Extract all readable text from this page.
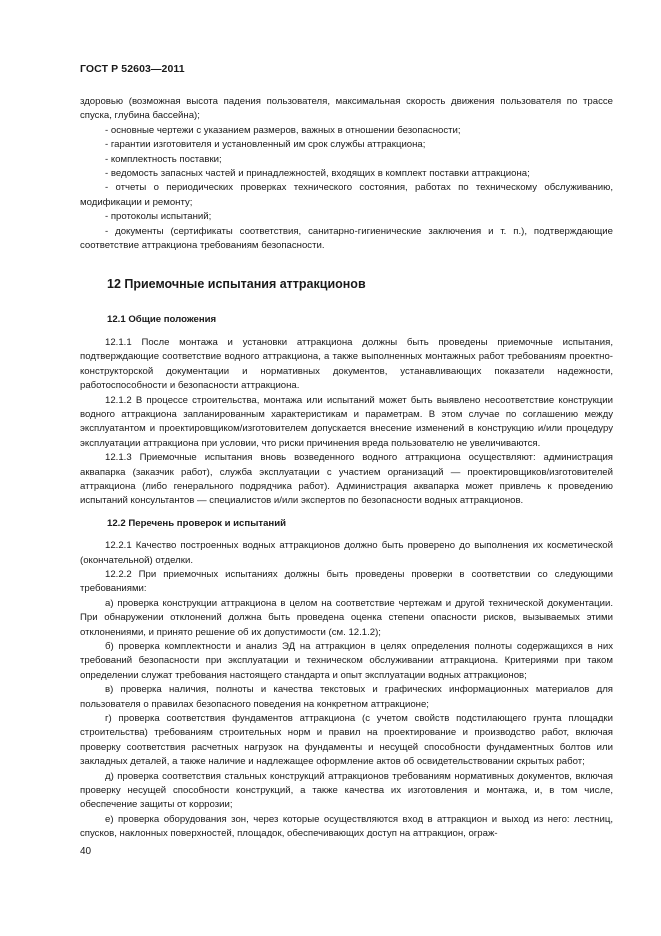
ГОСТ Р 52603—2011

здоровью (возможная высота падения пользователя, максимальная скорость движения пользователя по трассе спуска, глубина бассейна);

- основные чертежи с указанием размеров, важных в отношении безопасности;

- гарантии изготовителя и установленный им срок службы аттракциона;

- комплектность поставки;

- ведомость запасных частей и принадлежностей, входящих в комплект поставки аттракциона;

- отчеты о периодических проверках технического состояния, работах по техническому обслуживанию, модификации и ремонту;

- протоколы испытаний;

- документы (сертификаты соответствия, санитарно-гигиенические заключения и т. п.), подтверждающие соответствие аттракциона требованиям безопасности.

12 Приемочные испытания аттракционов

12.1 Общие положения

12.1.1 После монтажа и установки аттракциона должны быть проведены приемочные испытания, подтверждающие соответствие водного аттракциона, а также выполненных монтажных работ требованиям проектно-конструкторской документации и нормативных документов, устанавливающих показатели надежности, работоспособности и безопасности аттракциона.

12.1.2 В процессе строительства, монтажа или испытаний может быть выявлено несоответствие конструкции водного аттракциона запланированным характеристикам и параметрам. В этом случае по соглашению между эксплуатантом и проектировщиком/изготовителем допускается внесение изменений в конструкцию и/или процедуру эксплуатации аттракциона при условии, что риски причинения вреда пользователю не увеличиваются.

12.1.3 Приемочные испытания вновь возведенного водного аттракциона осуществляют: администрация аквапарка (заказчик работ), служба эксплуатации с участием организаций — проектировщиков/изготовителей аттракциона (либо генерального подрядчика работ). Администрация аквапарка может привлечь к проведению испытаний консультантов — специалистов и/или экспертов по безопасности водных аттракционов.

12.2 Перечень проверок и испытаний

12.2.1 Качество построенных водных аттракционов должно быть проверено до выполнения их косметической (окончательной) отделки.

12.2.2 При приемочных испытаниях должны быть проведены проверки в соответствии со следующими требованиями:

а) проверка конструкции аттракциона в целом на соответствие чертежам и другой технической документации. При обнаружении отклонений должна быть проведена оценка степени опасности рисков, вызываемых этими отклонениями, и принято решение об их допустимости (см. 12.1.2);

б) проверка комплектности и анализ ЭД на аттракцион в целях определения полноты содержащихся в них требований безопасности при эксплуатации и техническом обслуживании аттракциона. Критериями при таком определении служат требования настоящего стандарта и опыт эксплуатации водных аттракционов;

в) проверка наличия, полноты и качества текстовых и графических информационных материалов для пользователя о правилах безопасного поведения на конкретном аттракционе;

г) проверка соответствия фундаментов аттракциона (с учетом свойств подстилающего грунта площадки строительства) требованиям строительных норм и правил на проектирование и производство работ, включая проверку соответствия расчетных нагрузок на фундаменты и несущей способности фундаментных болтов или закладных деталей, а также наличие и надлежащее оформление актов об освидетельствовании скрытых работ;

д) проверка соответствия стальных конструкций аттракционов требованиям нормативных документов, включая проверку несущей способности конструкций, а также качества их изготовления и монтажа, и, в том числе, обеспечение защиты от коррозии;

е) проверка оборудования зон, через которые осуществляются вход в аттракцион и выход из него: лестниц, спусков, наклонных поверхностей, площадок, обеспечивающих доступ на аттракцион, ограж-

40
